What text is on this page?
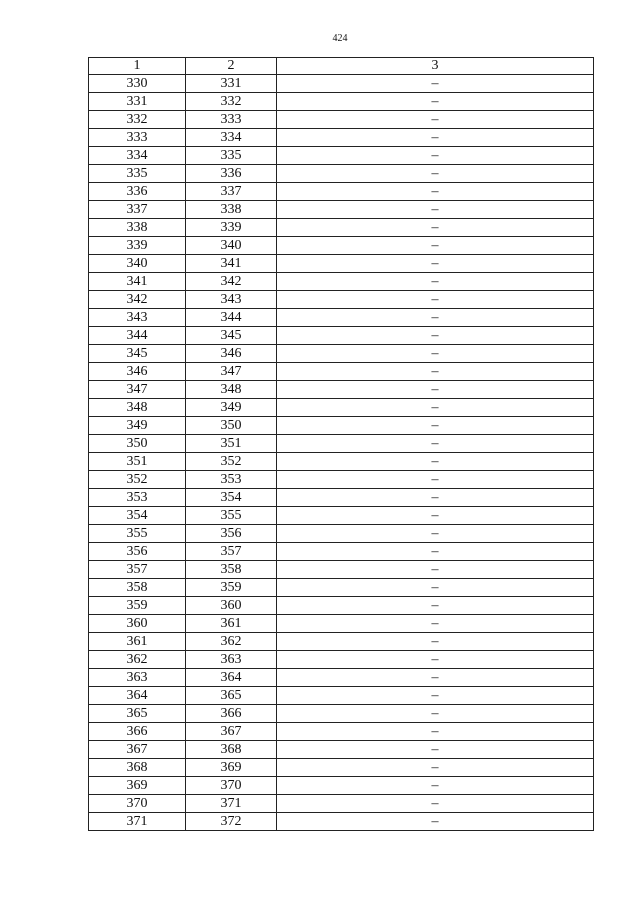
424
1	2	3
330	331	–
331	332	–
332	333	–
333	334	–
334	335	–
335	336	–
336	337	–
337	338	–
338	339	–
339	340	–
340	341	–
341	342	–
342	343	–
343	344	–
344	345	–
345	346	–
346	347	–
347	348	–
348	349	–
349	350	–
350	351	–
351	352	–
352	353	–
353	354	–
354	355	–
355	356	–
356	357	–
357	358	–
358	359	–
359	360	–
360	361	–
361	362	–
362	363	–
363	364	–
364	365	–
365	366	–
366	367	–
367	368	–
368	369	–
369	370	–
370	371	–
371	372	–
